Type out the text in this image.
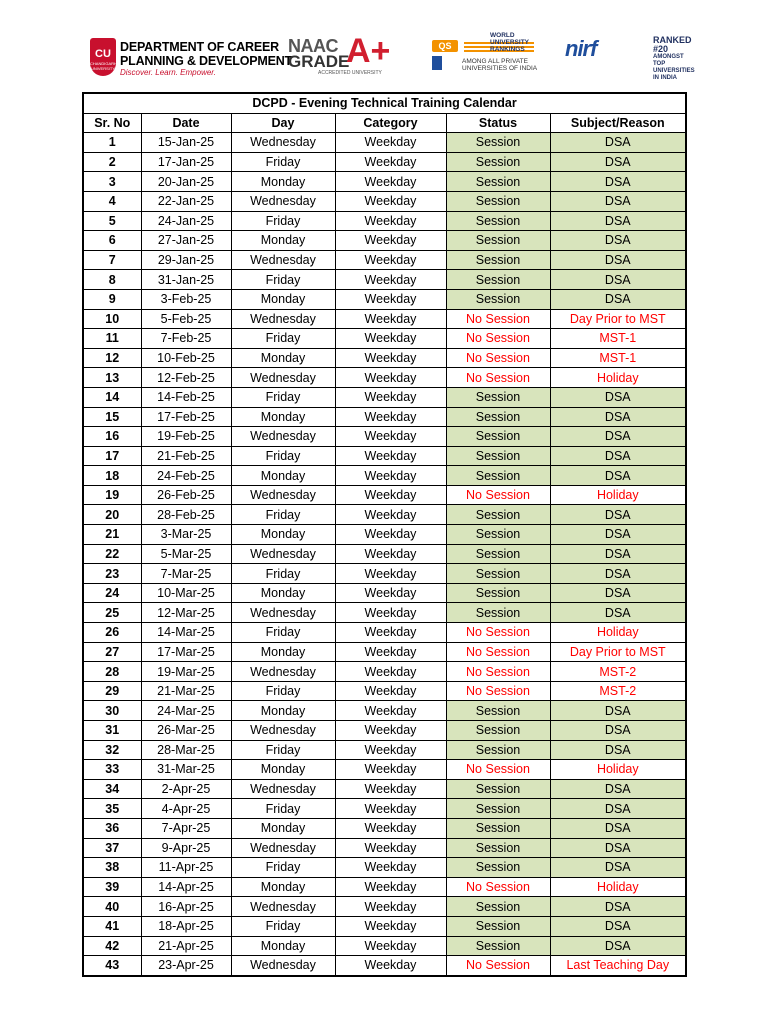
CU
CHANDIGARH UNIVERSITY
DEPARTMENT OF CAREER
PLANNING & DEVELOPMENT
Discover. Learn. Empower.
NAAC
GRADE
A+
ACCREDITED UNIVERSITY
QS
WORLD UNIVERSITY RANKINGS
AMONG ALL PRIVATE
UNIVERSITIES OF INDIA
nirf	RANKED #20
AMONGST TOP
UNIVERSITIES
IN INDIA
DCPD - Evening Technical Training Calendar					
Sr. No	Date	Day	Category	Status	Subject/Reason
1	15-Jan-25	Wednesday	Weekday	Session	DSA
2	17-Jan-25	Friday	Weekday	Session	DSA
3	20-Jan-25	Monday	Weekday	Session	DSA
4	22-Jan-25	Wednesday	Weekday	Session	DSA
5	24-Jan-25	Friday	Weekday	Session	DSA
6	27-Jan-25	Monday	Weekday	Session	DSA
7	29-Jan-25	Wednesday	Weekday	Session	DSA
8	31-Jan-25	Friday	Weekday	Session	DSA
9	3-Feb-25	Monday	Weekday	Session	DSA
10	5-Feb-25	Wednesday	Weekday	No Session	Day Prior to MST
11	7-Feb-25	Friday	Weekday	No Session	MST-1
12	10-Feb-25	Monday	Weekday	No Session	MST-1
13	12-Feb-25	Wednesday	Weekday	No Session	Holiday
14	14-Feb-25	Friday	Weekday	Session	DSA
15	17-Feb-25	Monday	Weekday	Session	DSA
16	19-Feb-25	Wednesday	Weekday	Session	DSA
17	21-Feb-25	Friday	Weekday	Session	DSA
18	24-Feb-25	Monday	Weekday	Session	DSA
19	26-Feb-25	Wednesday	Weekday	No Session	Holiday
20	28-Feb-25	Friday	Weekday	Session	DSA
21	3-Mar-25	Monday	Weekday	Session	DSA
22	5-Mar-25	Wednesday	Weekday	Session	DSA
23	7-Mar-25	Friday	Weekday	Session	DSA
24	10-Mar-25	Monday	Weekday	Session	DSA
25	12-Mar-25	Wednesday	Weekday	Session	DSA
26	14-Mar-25	Friday	Weekday	No Session	Holiday
27	17-Mar-25	Monday	Weekday	No Session	Day Prior to MST
28	19-Mar-25	Wednesday	Weekday	No Session	MST-2
29	21-Mar-25	Friday	Weekday	No Session	MST-2
30	24-Mar-25	Monday	Weekday	Session	DSA
31	26-Mar-25	Wednesday	Weekday	Session	DSA
32	28-Mar-25	Friday	Weekday	Session	DSA
33	31-Mar-25	Monday	Weekday	No Session	Holiday
34	2-Apr-25	Wednesday	Weekday	Session	DSA
35	4-Apr-25	Friday	Weekday	Session	DSA
36	7-Apr-25	Monday	Weekday	Session	DSA
37	9-Apr-25	Wednesday	Weekday	Session	DSA
38	11-Apr-25	Friday	Weekday	Session	DSA
39	14-Apr-25	Monday	Weekday	No Session	Holiday
40	16-Apr-25	Wednesday	Weekday	Session	DSA
41	18-Apr-25	Friday	Weekday	Session	DSA
42	21-Apr-25	Monday	Weekday	Session	DSA
43	23-Apr-25	Wednesday	Weekday	No Session	Last Teaching Day
